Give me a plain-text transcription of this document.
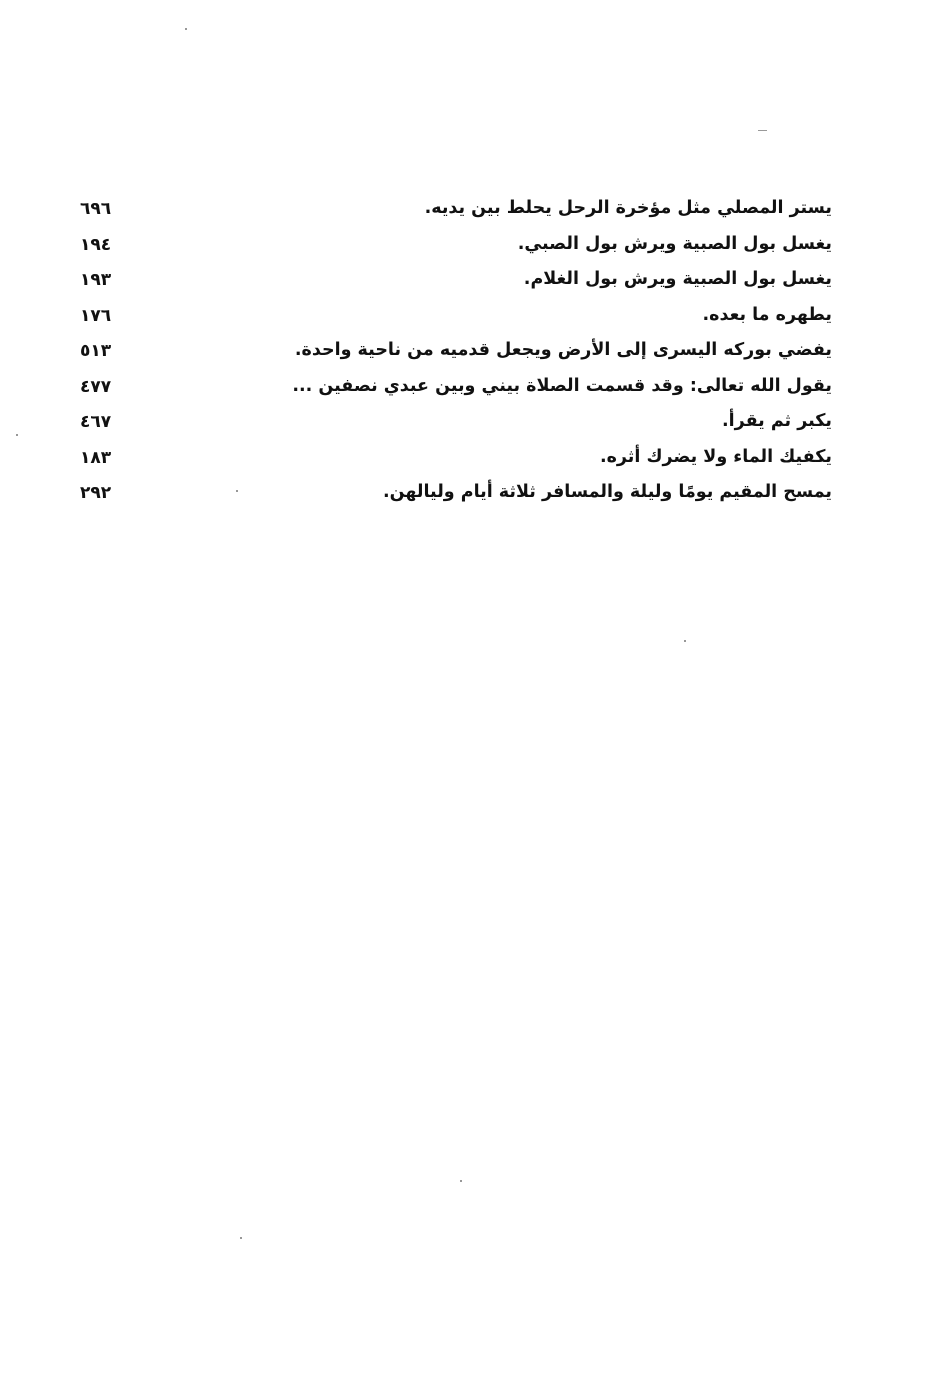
يستر المصلي مثل مؤخرة الرحل يحلط بين يديه.
٦٩٦
يغسل بول الصبية ويرش بول الصبي.
١٩٤
يغسل بول الصبية ويرش بول الغلام.
١٩٣
يطهره ما بعده.
١٧٦
يفضي بوركه اليسرى إلى الأرض ويجعل قدميه من ناحية واحدة.
٥١٣
يقول الله تعالى: وقد قسمت الصلاة بيني وبين عبدي نصفين ...
٤٧٧
يكبر ثم يقرأ.
٤٦٧
يكفيك الماء ولا يضرك أثره.
١٨٣
يمسح المقيم يومًا وليلة والمسافر ثلاثة أيام وليالهن.
٢٩٢
